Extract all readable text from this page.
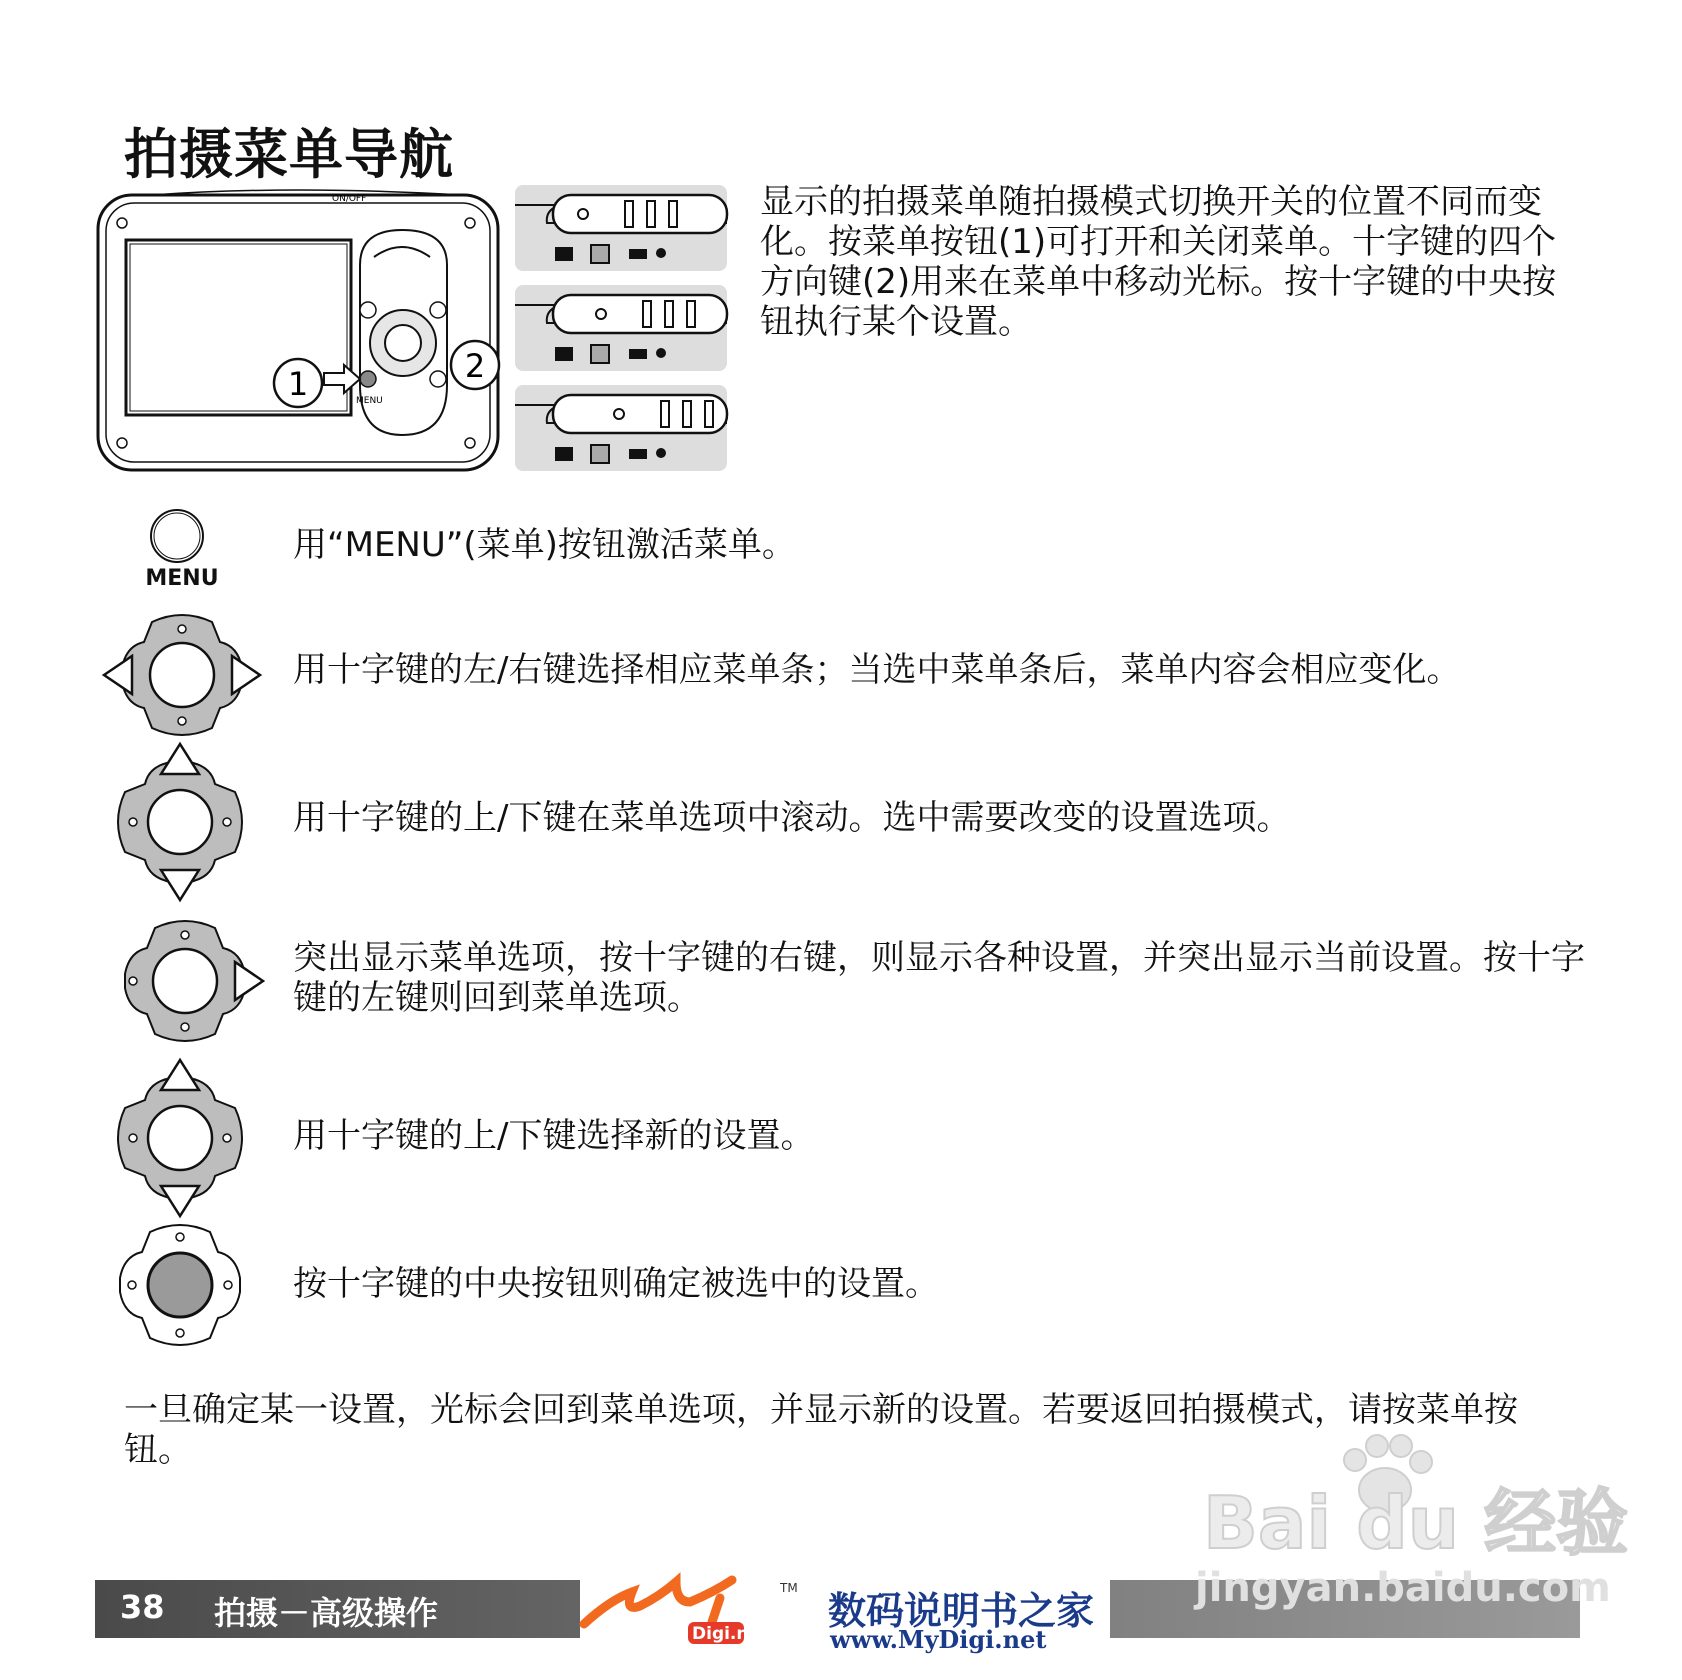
拍摄菜单导航
ON/OFF
MENU
1	2
显示的拍摄菜单随拍摄模式切换开关的位置不同而变化。按菜单按钮(1)可打开和关闭菜单。十字键的四个方向键(2)用来在菜单中移动光标。按十字键的中央按钮执行某个设置。
MENU
用“MENU”(菜单)按钮激活菜单。
用十字键的左/右键选择相应菜单条；当选中菜单条后，菜单内容会相应变化。
用十字键的上/下键在菜单选项中滚动。选中需要改变的设置选项。
突出显示菜单选项，按十字键的右键，则显示各种设置，并突出显示当前设置。按十字键的左键则回到菜单选项。
用十字键的上/下键选择新的设置。
按十字键的中央按钮则确定被选中的设置。
一旦确定某一设置，光标会回到菜单选项，并显示新的设置。若要返回拍摄模式，请按菜单按钮。
Bai du 经验
38 拍摄－高级操作
TM
Digi.net
数码说明书之家
www.MyDigi.net
jingyan.baidu.com
